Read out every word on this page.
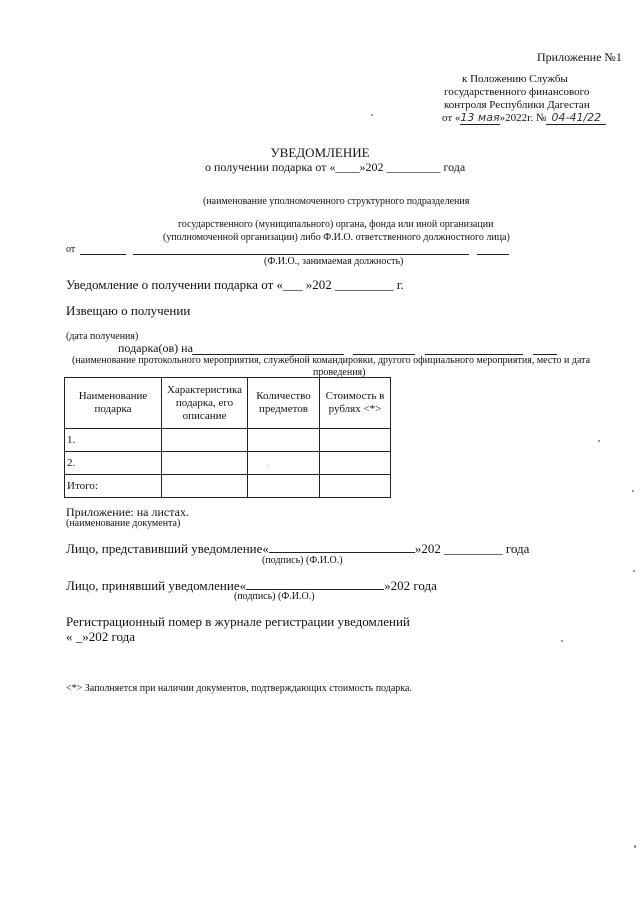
Приложение №1
к Положению Службы
государственного финансового
контроля Республики Дагестан
от «13 мая»2022г. № 04-41/22
УВЕДОМЛЕНИЕ
о получении подарка от «____»202 _________ года
(наименование уполномоченного структурного подразделения
государственного (муниципального) органа, фонда или иной организации
(уполномоченной организации) либо Ф.И.О. ответственного должностного лица)
от
(Ф.И.О., занимаемая должность)
Уведомление о получении подарка от «___ »202 _________ г.
Извещаю о получении
(дата получения)
подарка(ов) на
(наименование протокольного мероприятия, служебной командировки, другого официального мероприятия, место и дата
проведения)
Наименование подарка	Характеристика подарка, его описание	Количество предметов	Стоимость в рублях <*>
1.			
2.			
Итого:			
Приложение: на листах.
(наименование документа)
Лицо, представивший уведомление«	»202 _________ года
(подпись) (Ф.И.О.)
Лицо, принявший уведомление«	»202 года
(подпись) (Ф.И.О.)
Регистрационный помер в журнале регистрации уведомлений
« _»202 года
<*> Заполняется при наличии документов, подтверждающих стоимость подарка.
